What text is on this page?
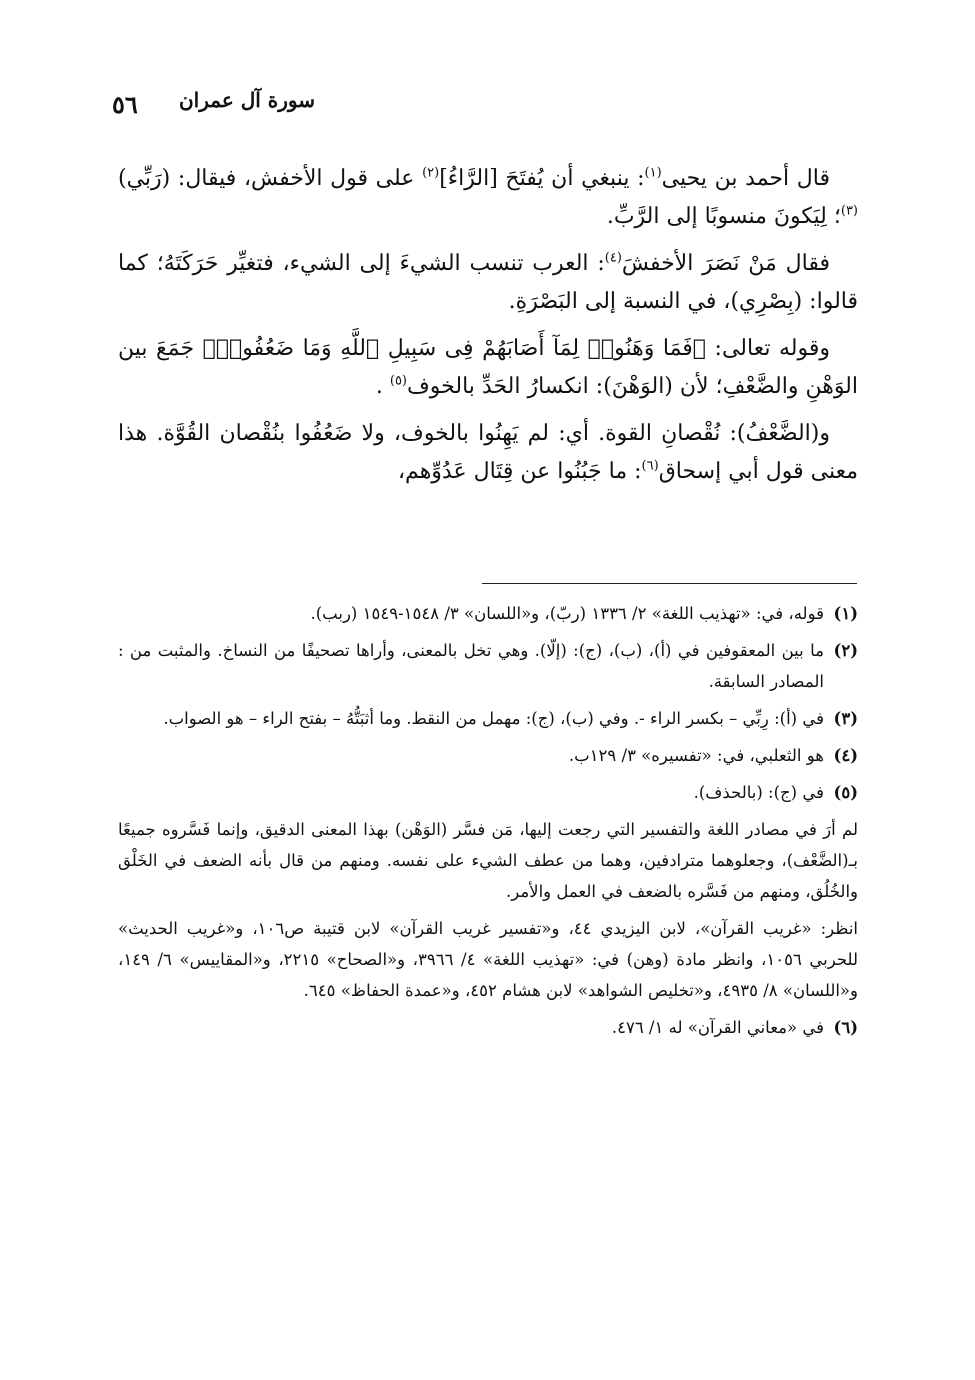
سورة آل عمران
٥٦

قال أحمد بن يحيى$^{(١)}$: ينبغي أن يُفتَحَ [الرَّاءُ]$^{(٢)}$ على قول الأخفش، فيقال: (رَبِّي)$^{(٣)}$؛ لِيَكونَ منسوبًا إلى الرَّبِّ.

فقال مَنْ نَصَرَ الأخفشَ$^{(٤)}$: العرب تنسب الشيءَ إلى الشيء، فتغيِّر حَرَكَتَهُ؛ كما قالوا: (بِصْرِي)، في النسبة إلى البَصْرَةِ.

وقوله تعالى: ﴿فَمَا وَهَنُوا۟ لِمَآ أَصَابَهُمْ فِى سَبِيلِ ٱللَّهِ وَمَا ضَعُفُوا۟﴾ جَمَعَ بين الوَهْنِ والضَّعْفِ؛ لأن (الوَهْنَ): انكسارُ الحَدِّ بالخوف$^{(٥)}$ .

و(الضَّعْفُ): نُقْصانِ القوة. أي: لم يَهِنُوا بالخوف، ولا ضَعُفُوا بنُقْصان القُوَّة. هذا معنى قول أبي إسحاق$^{(٦)}$: ما جَبُنُوا عن قِتَال عَدُوِّهم،

(١)
قوله، في: «تهذيب اللغة» ٢/ ١٣٣٦ (ربّ)، و«اللسان» ٣/ ١٥٤٨-١٥٤٩ (ربب).
(٢)
ما بين المعقوفين في (أ)، (ب)، (ج): (إلّا). وهي تخل بالمعنى، وأراها تصحيفًا من النساخ. والمثبت من : المصادر السابقة.
(٣)
في (أ): رِبِّي – بكسر الراء -. وفي (ب)، (ج): مهمل من النقط. وما أثبَتُّهُ – بفتح الراء – هو الصواب.
(٤)
هو الثعلبي، في: «تفسيره» ٣/ ١٢٩ب.
(٥)
في (ج): (بالحذف).
لم أرَ في مصادر اللغة والتفسير التي رجعت إليها، مَن فسَّر (الوَهْن) بهذا المعنى الدقيق، وإنما فَسَّروه جميعًا بـ(الضَّعْف)، وجعلوهما مترادفين، وهما من عطف الشيء على نفسه. ومنهم من قال بأنه الضعف في الخَلْق والخُلُق، ومنهم من فَسَّره بالضعف في العمل والأمر.
انظر: «غريب القرآن»، لابن اليزيدي ٤٤، و«تفسير غريب القرآن» لابن قتيبة ص١٠٦، و«غريب الحديث» للحربي ١٠٥٦، وانظر مادة (وهن) في: «تهذيب اللغة» ٤/ ٣٩٦٦، و«الصحاح» ٢٢١٥، و«المقاييس» ٦/ ١٤٩، و«اللسان» ٨/ ٤٩٣٥، و«تخليص الشواهد» لابن هشام ٤٥٢، و«عمدة الحفاظ» ٦٤٥.
(٦)
في «معاني القرآن» له ١/ ٤٧٦.
